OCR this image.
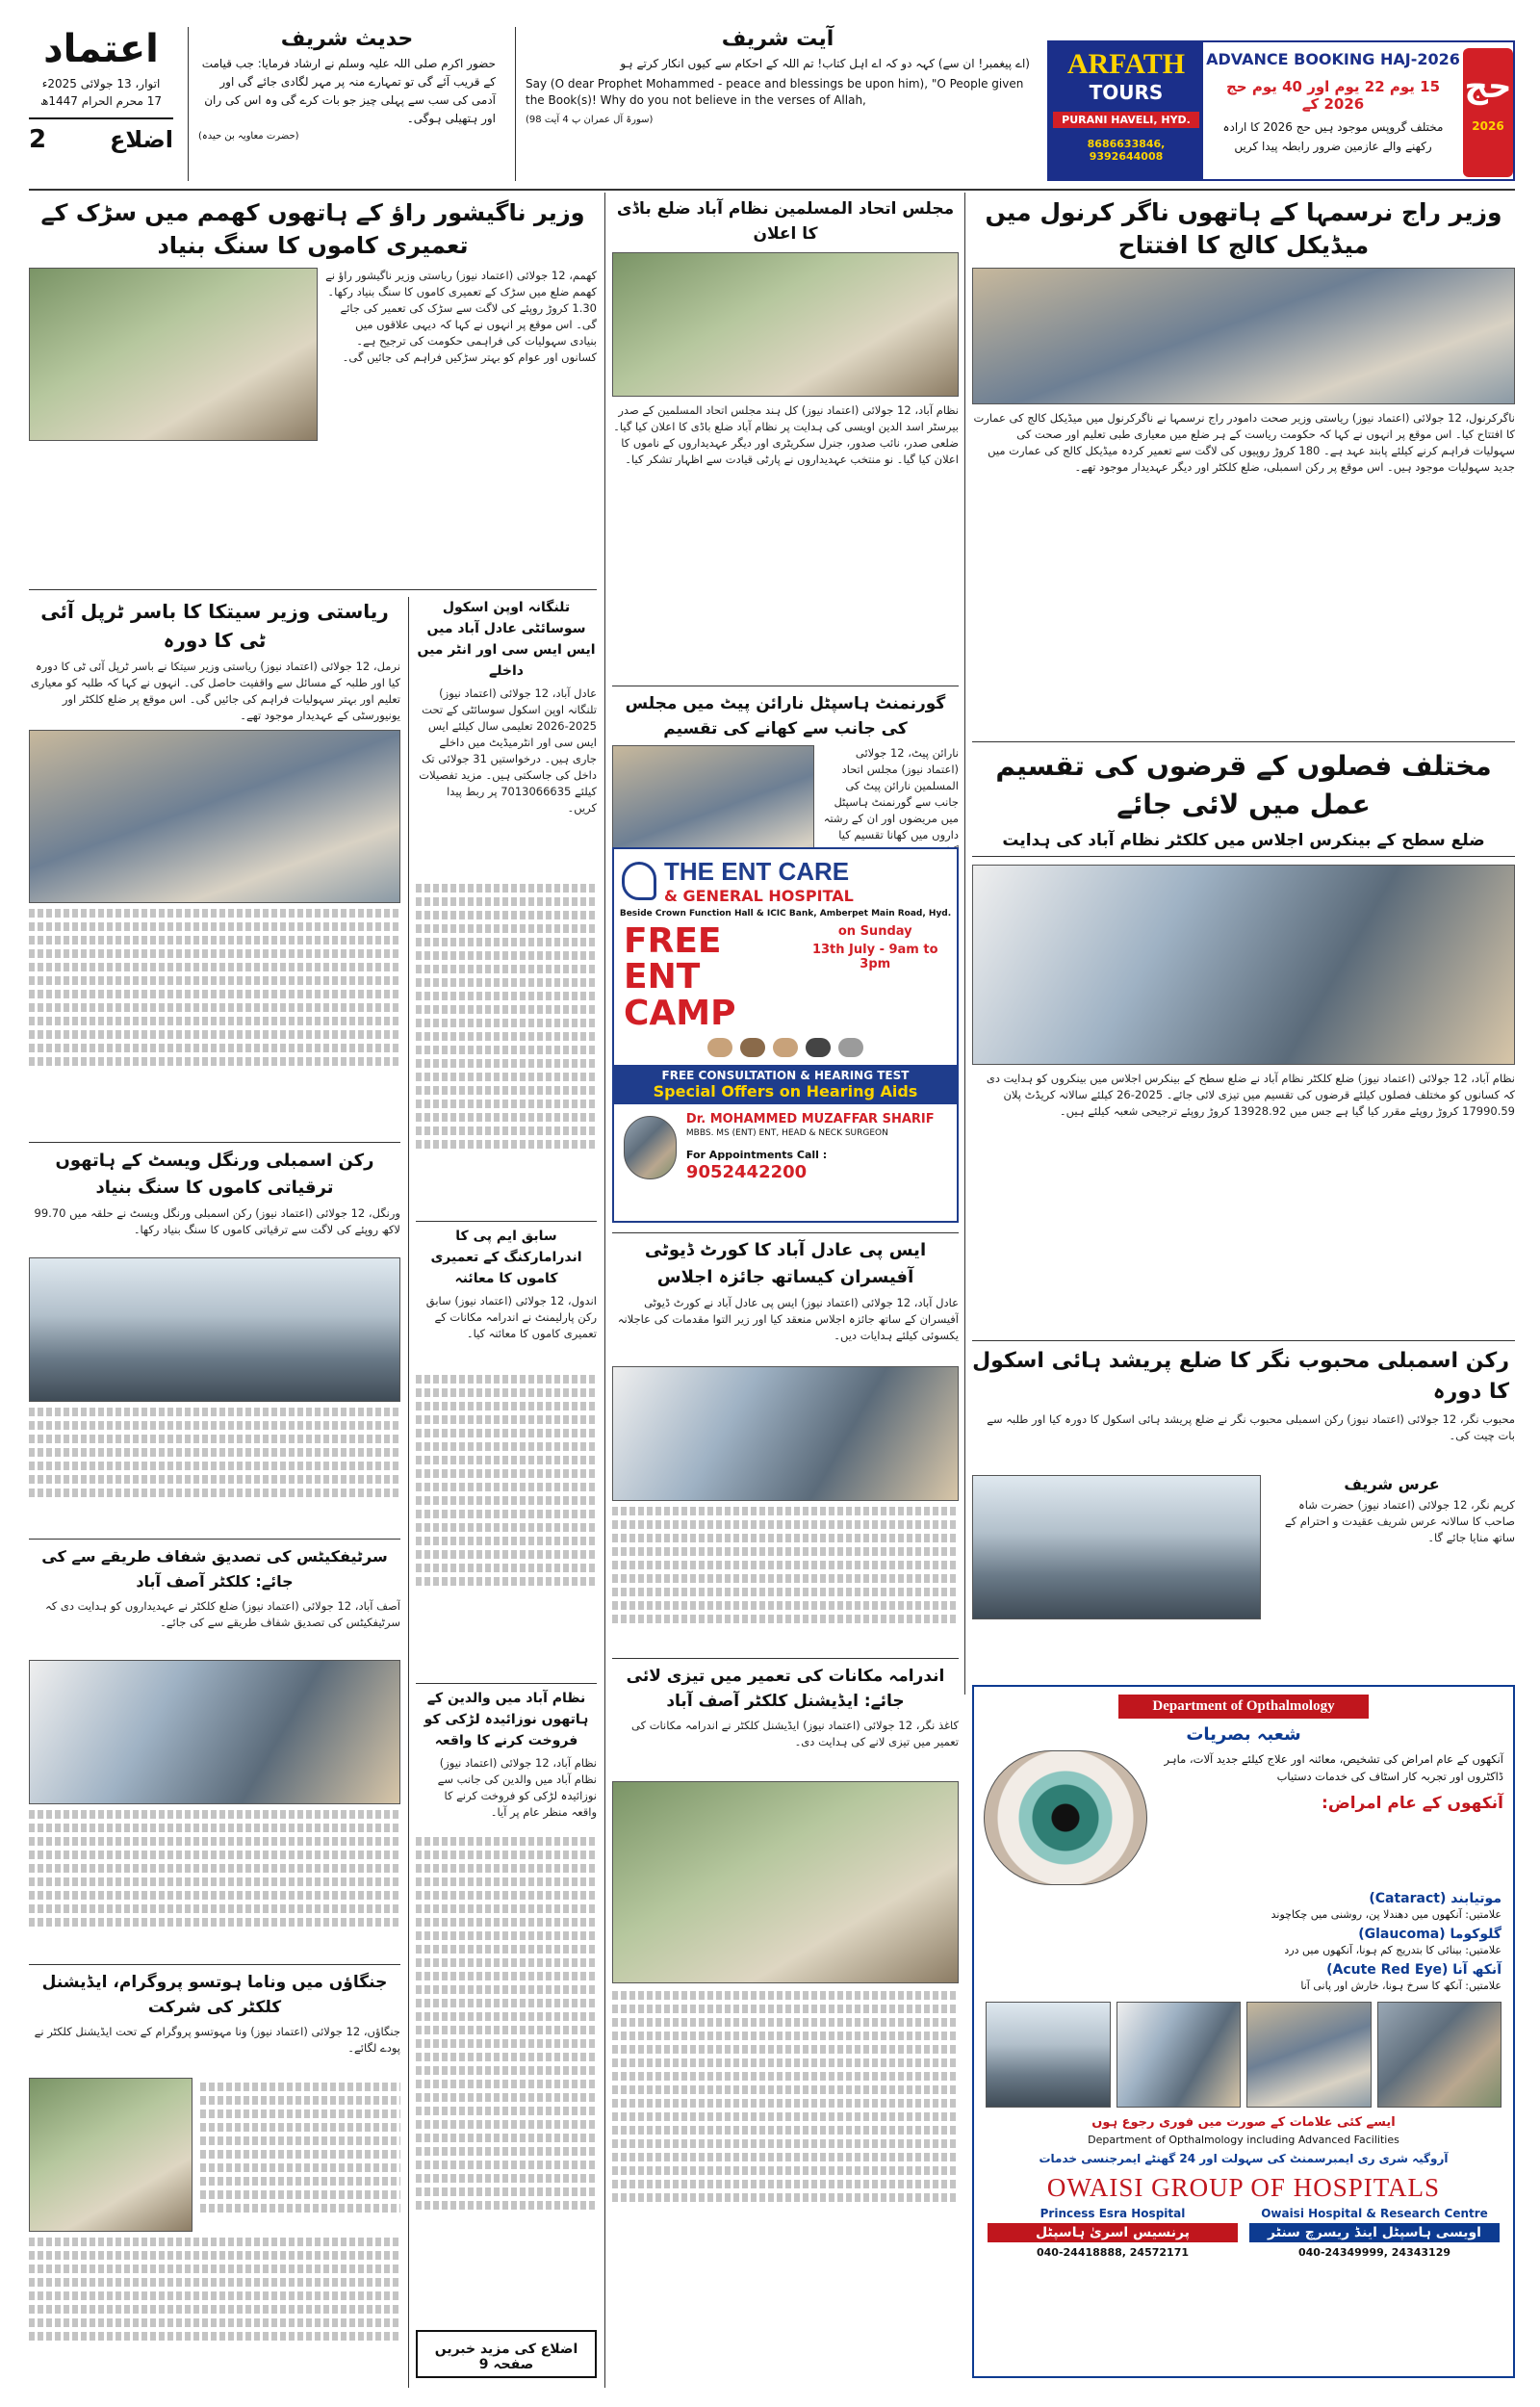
اعتماد
اتوار، 13 جولائی 2025ء
17 محرم الحرام 1447ھ
2	اضلاع
حدیث شریف
حضور اکرم صلی اللہ علیہ وسلم نے ارشاد فرمایا: جب قیامت کے قریب آئے گی تو تمہارے منہ پر مہر لگادی جائے گی اور آدمی کی سب سے پہلی چیز جو بات کرے گی وہ اس کی ران اور ہتھیلی ہوگی۔
(حضرت معاویہ بن حیدہ)
آیت شریف
(اے پیغمبر! ان سے) کہہ دو کہ اے اہل کتاب! تم اللہ کے احکام سے کیوں انکار کرتے ہو
Say (O dear Prophet Mohammed - peace and blessings be upon him), "O People given the Book(s)! Why do you not believe in the verses of Allah,
(سورۃ آل عمران پ 4 آیت 98)
ARFATH
TOURS
PURANI HAVELI, HYD.
8686633846, 9392644008
ADVANCE BOOKING HAJ-2026
15 یوم 22 یوم اور 40 یوم حج 2026 کے
مختلف گروپس موجود ہیں حج 2026 کا ارادہ
رکھنے والے عازمین ضرور رابطہ پیدا کریں
حج
2026
وزیر راج نرسمہا کے ہاتھوں ناگر کرنول میں میڈیکل کالج کا افتتاح
ناگرکرنول، 12 جولائی (اعتماد نیوز) ریاستی وزیر صحت دامودر راج نرسمہا نے ناگرکرنول میں میڈیکل کالج کی عمارت کا افتتاح کیا۔ اس موقع پر انہوں نے کہا کہ حکومت ریاست کے ہر ضلع میں معیاری طبی تعلیم اور صحت کی سہولیات فراہم کرنے کیلئے پابند عہد ہے۔ 180 کروڑ روپیوں کی لاگت سے تعمیر کردہ میڈیکل کالج کی عمارت میں جدید سہولیات موجود ہیں۔ اس موقع پر رکن اسمبلی، ضلع کلکٹر اور دیگر عہدیدار موجود تھے۔
مختلف فصلوں کے قرضوں کی تقسیم عمل میں لائی جائے
ضلع سطح کے بینکرس اجلاس میں کلکٹر نظام آباد کی ہدایت
نظام آباد، 12 جولائی (اعتماد نیوز) ضلع کلکٹر نظام آباد نے ضلع سطح کے بینکرس اجلاس میں بینکروں کو ہدایت دی کہ کسانوں کو مختلف فصلوں کیلئے قرضوں کی تقسیم میں تیزی لائی جائے۔ 2025-26 کیلئے سالانہ کریڈٹ پلان 17990.59 کروڑ روپئے مقرر کیا گیا ہے جس میں 13928.92 کروڑ روپئے ترجیحی شعبہ کیلئے ہیں۔
رکن اسمبلی محبوب نگر کا ضلع پریشد ہائی اسکول کا دورہ
محبوب نگر، 12 جولائی (اعتماد نیوز) رکن اسمبلی محبوب نگر نے ضلع پریشد ہائی اسکول کا دورہ کیا اور طلبہ سے بات چیت کی۔
عرس شریف
کریم نگر، 12 جولائی (اعتماد نیوز) حضرت شاہ صاحب کا سالانہ عرس شریف عقیدت و احترام کے ساتھ منایا جائے گا۔
Department of Opthalmology
شعبہ بصریات
آنکھوں کے عام امراض کی تشخیص، معائنہ اور علاج کیلئے جدید آلات، ماہر ڈاکٹروں اور تجربہ کار اسٹاف کی خدمات دستیاب
آنکھوں کے عام امراض:
موتیابند (Cataract)
علامتیں: آنکھوں میں دھندلا پن، روشنی میں چکاچوند
گلوکوما (Glaucoma)
علامتیں: بینائی کا بتدریج کم ہونا، آنکھوں میں درد
آنکھ آنا (Acute Red Eye)
علامتیں: آنکھ کا سرخ ہونا، خارش اور پانی آنا
ایسے کئی علامات کے صورت میں فوری رجوع ہوں
Department of Opthalmology including Advanced Facilities
آروگیہ شری ری ایمبرسمنٹ کی سہولت اور 24 گھنٹے ایمرجنسی خدمات
OWAISI GROUP OF HOSPITALS
Princess Esra Hospital
پرنسیس اسریٰ ہاسپٹل
040-24418888, 24572171
Owaisi Hospital & Research Centre
اویسی ہاسپٹل اینڈ ریسرچ سنٹر
040-24349999, 24343129
مجلس اتحاد المسلمین نظام آباد ضلع باڈی کا اعلان
نظام آباد، 12 جولائی (اعتماد نیوز) کل ہند مجلس اتحاد المسلمین کے صدر بیرسٹر اسد الدین اویسی کی ہدایت پر نظام آباد ضلع باڈی کا اعلان کیا گیا۔ ضلعی صدر، نائب صدور، جنرل سکریٹری اور دیگر عہدیداروں کے ناموں کا اعلان کیا گیا۔ نو منتخب عہدیداروں نے پارٹی قیادت سے اظہار تشکر کیا۔
گورنمنٹ ہاسپٹل نارائن پیٹ میں مجلس کی جانب سے کھانے کی تقسیم
نارائن پیٹ، 12 جولائی (اعتماد نیوز) مجلس اتحاد المسلمین نارائن پیٹ کی جانب سے گورنمنٹ ہاسپٹل میں مریضوں اور ان کے رشتہ داروں میں کھانا تقسیم کیا
THE ENT CARE
& GENERAL HOSPITAL
Beside Crown Function Hall & ICIC Bank, Amberpet Main Road, Hyd.
FREE
ENT CAMP
on Sunday
13th July - 9am to 3pm
FREE CONSULTATION & HEARING TEST
Special Offers on Hearing Aids
Dr. MOHAMMED MUZAFFAR SHARIF
MBBS. MS (ENT) ENT, HEAD & NECK SURGEON
For Appointments Call : 9052442200
ایس پی عادل آباد کا کورٹ ڈیوٹی آفیسران کیساتھ جائزہ اجلاس
عادل آباد، 12 جولائی (اعتماد نیوز) ایس پی عادل آباد نے کورٹ ڈیوٹی آفیسران کے ساتھ جائزہ اجلاس منعقد کیا اور زیر التوا مقدمات کی عاجلانہ یکسوئی کیلئے ہدایات دیں۔
اندرامہ مکانات کی تعمیر میں تیزی لائی جائے: ایڈیشنل کلکٹر آصف آباد
کاغذ نگر، 12 جولائی (اعتماد نیوز) ایڈیشنل کلکٹر نے اندرامہ مکانات کی تعمیر میں تیزی لانے کی ہدایت دی۔
وزیر ناگیشور راؤ کے ہاتھوں کھمم میں سڑک کے تعمیری کاموں کا سنگ بنیاد
کھمم، 12 جولائی (اعتماد نیوز) ریاستی وزیر ناگیشور راؤ نے کھمم ضلع میں سڑک کے تعمیری کاموں کا سنگ بنیاد رکھا۔ 1.30 کروڑ روپئے کی لاگت سے سڑک کی تعمیر کی جائے گی۔ اس موقع پر انہوں نے کہا کہ دیہی علاقوں میں بنیادی سہولیات کی فراہمی حکومت کی ترجیح ہے۔ کسانوں اور عوام کو بہتر سڑکیں فراہم کی جائیں گی۔
تلنگانہ اوپن اسکول سوسائٹی عادل آباد میں ایس ایس سی اور انٹر میں داخلے
عادل آباد، 12 جولائی (اعتماد نیوز) تلنگانہ اوپن اسکول سوسائٹی کے تحت 2025-2026 تعلیمی سال کیلئے ایس ایس سی اور انٹرمیڈیٹ میں داخلے جاری ہیں۔ درخواستیں 31 جولائی تک داخل کی جاسکتی ہیں۔ مزید تفصیلات کیلئے 7013066635 پر ربط پیدا کریں۔
سابق ایم پی کا اندرامارکنگ کے تعمیری کاموں کا معائنہ
اندول، 12 جولائی (اعتماد نیوز) سابق رکن پارلیمنٹ نے اندرامہ مکانات کے تعمیری کاموں کا معائنہ کیا۔
نظام آباد میں والدین کے ہاتھوں نوزائیدہ لڑکی کو فروخت کرنے کا واقعہ
نظام آباد، 12 جولائی (اعتماد نیوز) نظام آباد میں والدین کی جانب سے نوزائیدہ لڑکی کو فروخت کرنے کا واقعہ منظر عام پر آیا۔
اضلاع کی مزید خبریں صفحہ 9
ریاستی وزیر سیتکا کا باسر ٹرپل آئی ٹی کا دورہ
نرمل، 12 جولائی (اعتماد نیوز) ریاستی وزیر سیتکا نے باسر ٹرپل آئی ٹی کا دورہ کیا اور طلبہ کے مسائل سے واقفیت حاصل کی۔ انہوں نے کہا کہ طلبہ کو معیاری تعلیم اور بہتر سہولیات فراہم کی جائیں گی۔ اس موقع پر ضلع کلکٹر اور یونیورسٹی کے عہدیدار موجود تھے۔
رکن اسمبلی ورنگل ویسٹ کے ہاتھوں ترقیاتی کاموں کا سنگ بنیاد
ورنگل، 12 جولائی (اعتماد نیوز) رکن اسمبلی ورنگل ویسٹ نے حلقہ میں 99.70 لاکھ روپئے کی لاگت سے ترقیاتی کاموں کا سنگ بنیاد رکھا۔
سرٹیفکیٹس کی تصدیق شفاف طریقے سے کی جائے: کلکٹر آصف آباد
آصف آباد، 12 جولائی (اعتماد نیوز) ضلع کلکٹر نے عہدیداروں کو ہدایت دی کہ سرٹیفکیٹس کی تصدیق شفاف طریقے سے کی جائے۔
جنگاؤں میں وناما ہوتسو پروگرام، ایڈیشنل کلکٹر کی شرکت
جنگاؤں، 12 جولائی (اعتماد نیوز) ونا مہوتسو پروگرام کے تحت ایڈیشنل کلکٹر نے پودے لگائے۔
